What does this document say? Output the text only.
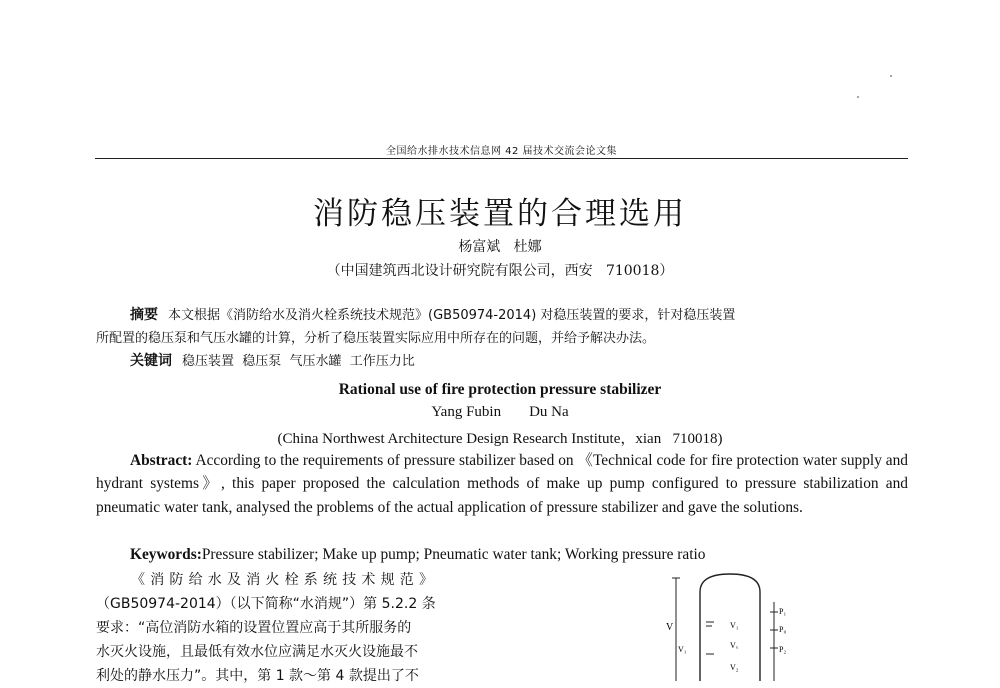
全国给水排水技术信息网 42 届技术交流会论文集
消防稳压装置的合理选用
杨富斌   杜娜
（中国建筑西北设计研究院有限公司，西安   710018）
摘要 本文根据《消防给水及消火栓系统技术规范》(GB50974-2014) 对稳压装置的要求，针对稳压装置
所配置的稳压泵和气压水罐的计算，分析了稳压装置实际应用中所存在的问题，并给予解决办法。
关键词 稳压装置  稳压泵  气压水罐  工作压力比
Rational use of fire protection pressure stabilizer
Yang Fubin Du Na
(China Northwest Architecture Design Research Institute，xian   710018)
Abstract: According to the requirements of pressure stabilizer based on 《Technical code for fire protection water supply and hydrant systems》, this paper proposed the calculation methods of make up pump configured to pressure stabilization and pneumatic water tank, analysed the problems of the actual application of pressure stabilizer and gave the solutions.
Keywords:Pressure stabilizer; Make up pump; Pneumatic water tank; Working pressure ratio
《消防给水及消火栓系统技术规范》
（GB50974-2014）（以下简称“水消规”）第 5.2.2 条
要求：“高位消防水箱的设置位置应高于其所服务的
水灭火设施，且最低有效水位应满足水灭火设施最不
利处的静水压力”。其中，第 1 款～第 4 款提出了不
V
V₁
V₁
Vₓ
V₂
P₁
P₀
P₂
